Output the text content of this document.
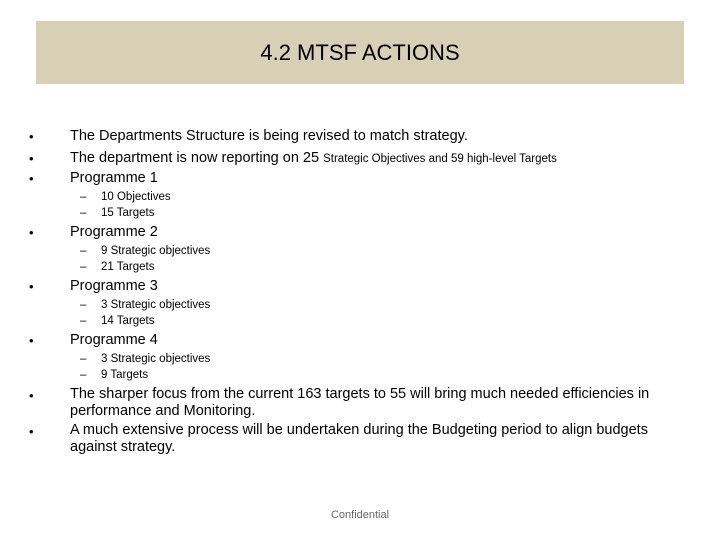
4.2 MTSF ACTIONS
•	The Departments Structure is being revised to match strategy.
•	The department is now reporting on 25 Strategic Objectives and 59 high-level Targets
•	Programme 1
– 10 Objectives
– 15 Targets
•	Programme 2
– 9 Strategic objectives
– 21 Targets
•	Programme 3
– 3 Strategic objectives
– 14 Targets
•	Programme 4
– 3 Strategic objectives
– 9 Targets
•	The sharper focus from the current 163 targets to 55 will bring much needed efficiencies in performance and Monitoring.
•	A much extensive process will be undertaken during the Budgeting period to align budgets against strategy.
Confidential
